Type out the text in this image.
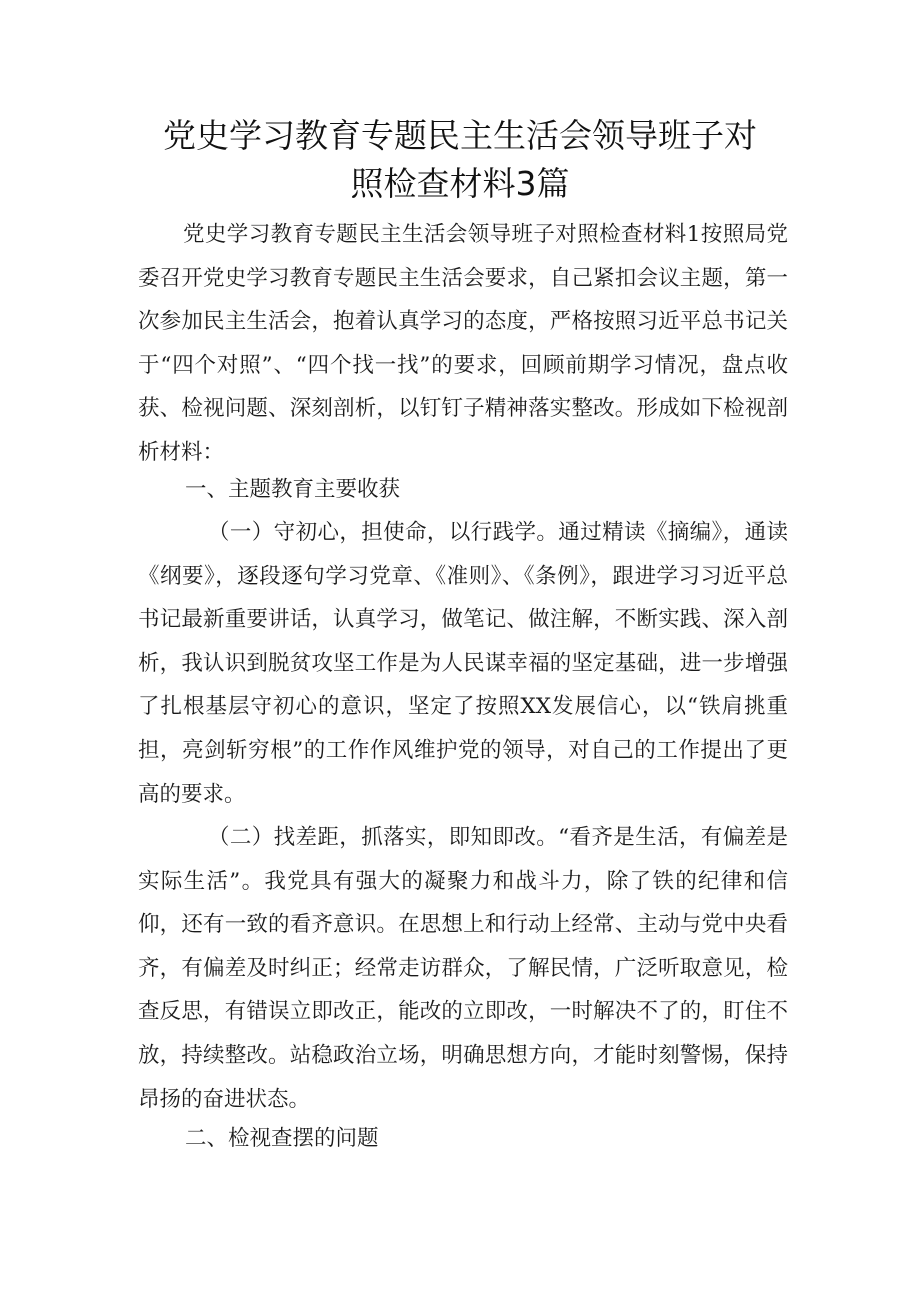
党史学习教育专题民主生活会领导班子对
照检查材料3篇

党史学习教育专题民主生活会领导班子对照检查材料1按照局党委召开党史学习教育专题民主生活会要求，自己紧扣会议主题，第一次参加民主生活会，抱着认真学习的态度，严格按照习近平总书记关于“四个对照”、“四个找一找”的要求，回顾前期学习情况，盘点收获、检视问题、深刻剖析，以钉钉子精神落实整改。形成如下检视剖析材料：

一、主题教育主要收获

（一）守初心，担使命，以行践学。通过精读《摘编》，通读《纲要》，逐段逐句学习党章、《准则》、《条例》，跟进学习习近平总书记最新重要讲话，认真学习，做笔记、做注解，不断实践、深入剖析，我认识到脱贫攻坚工作是为人民谋幸福的坚定基础，进一步增强了扎根基层守初心的意识，坚定了按照XX发展信心，以“铁肩挑重担，亮剑斩穷根”的工作作风维护党的领导，对自己的工作提出了更高的要求。

（二）找差距，抓落实，即知即改。“看齐是生活，有偏差是实际生活”。我党具有强大的凝聚力和战斗力，除了铁的纪律和信仰，还有一致的看齐意识。在思想上和行动上经常、主动与党中央看齐，有偏差及时纠正；经常走访群众，了解民情，广泛听取意见，检查反思，有错误立即改正，能改的立即改，一时解决不了的，盯住不放，持续整改。站稳政治立场，明确思想方向，才能时刻警惕，保持昂扬的奋进状态。

二、检视查摆的问题
